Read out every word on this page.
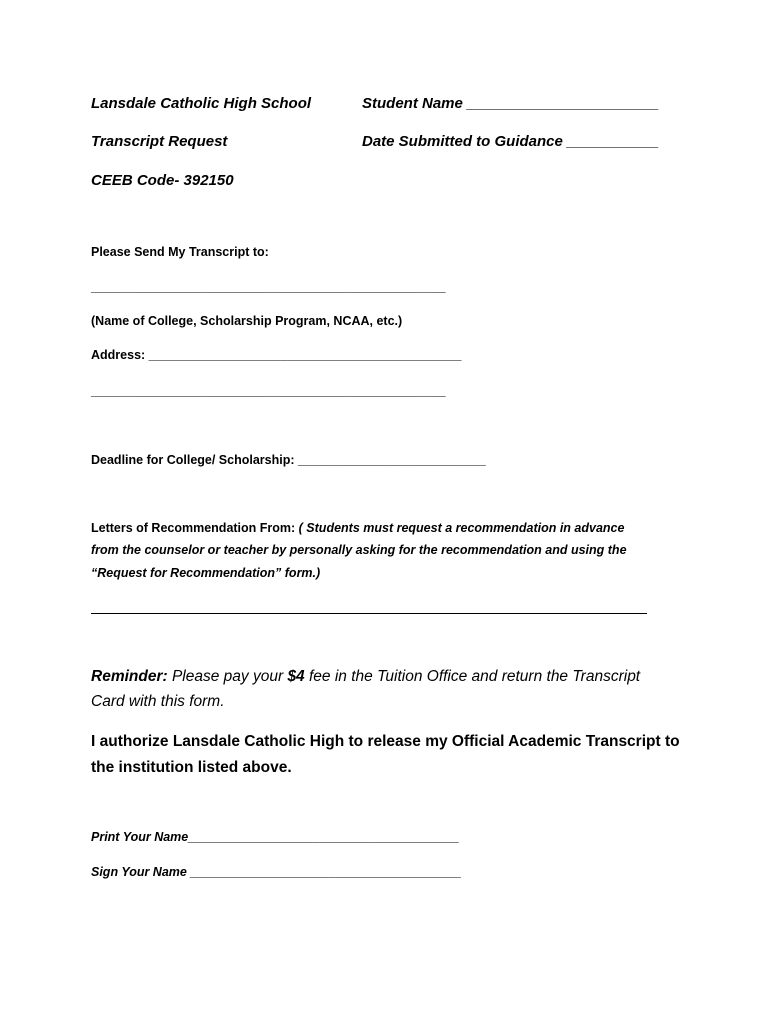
Lansdale Catholic High School
Transcript Request
CEEB Code- 392150
Student Name _______________________
Date Submitted to Guidance ___________
Please Send My Transcript to:
___________________________________________________
(Name of College, Scholarship Program, NCAA, etc.)
Address: _____________________________________________
___________________________________________________
Deadline for College/ Scholarship: ___________________________
Letters of Recommendation From: ( Students must request a recommendation in advance
from the counselor or teacher by personally asking for the recommendation and using the
“Request for Recommendation” form.)
Reminder: Please pay your $4 fee in the Tuition Office and return the Transcript
Card with this form.
I authorize Lansdale Catholic High to release my Official Academic Transcript to
the institution listed above.
Print Your Name_______________________________________
Sign Your Name _______________________________________
